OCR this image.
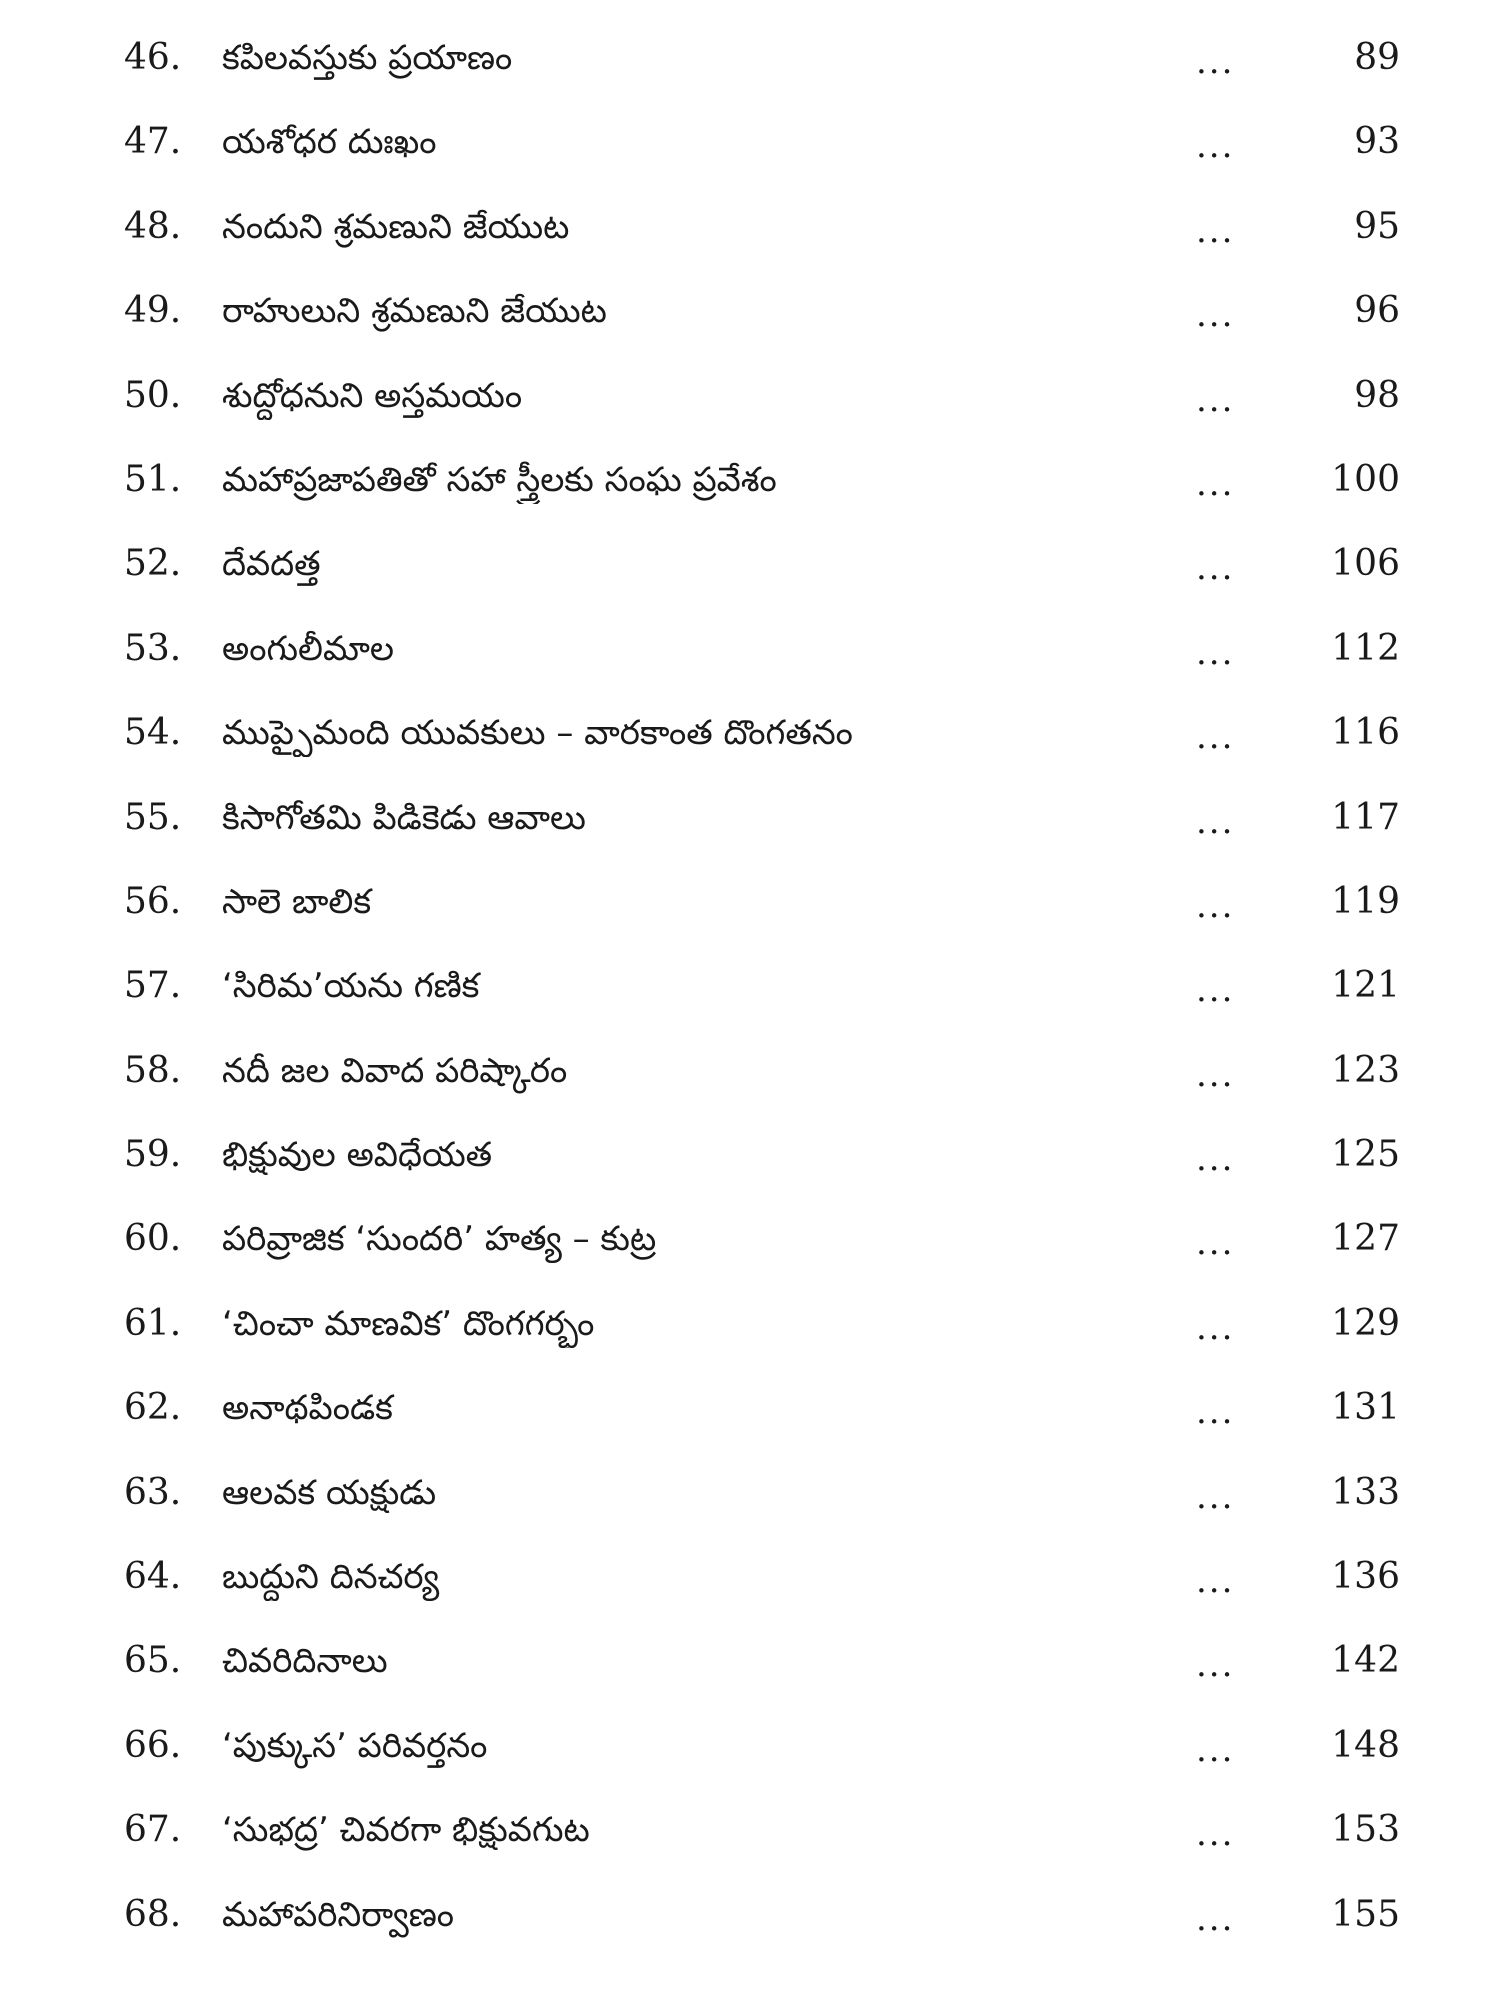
46.	కపిలవస్తుకు ప్రయాణం	...	89
47.	యశోధర దుఃఖం	...	93
48.	నందుని శ్రమణుని జేయుట	...	95
49.	రాహులుని శ్రమణుని జేయుట	...	96
50.	శుద్ధోధనుని అస్తమయం	...	98
51.	మహాప్రజాపతితో సహా స్త్రీలకు సంఘ ప్రవేశం	...	100
52.	దేవదత్త	...	106
53.	అంగులీమాల	...	112
54.	ముప్పైమంది యువకులు – వారకాంత దొంగతనం	...	116
55.	కిసాగోతమి పిడికెడు ఆవాలు	...	117
56.	సాలె బాలిక	...	119
57.	‘సిరిమ’యను గణిక	...	121
58.	నదీ జల వివాద పరిష్కారం	...	123
59.	భిక్షువుల అవిధేయత	...	125
60.	పరివ్రాజిక ‘సుందరి’ హత్య – కుట్ర	...	127
61.	‘చించా మాణవిక’ దొంగగర్భం	...	129
62.	అనాథపిండక	...	131
63.	ఆలవక యక్షుడు	...	133
64.	బుద్ధుని దినచర్య	...	136
65.	చివరిదినాలు	...	142
66.	‘పుక్కుస’ పరివర్తనం	...	148
67.	‘సుభద్ర’ చివరగా భిక్షువగుట	...	153
68.	మహాపరినిర్వాణం	...	155
